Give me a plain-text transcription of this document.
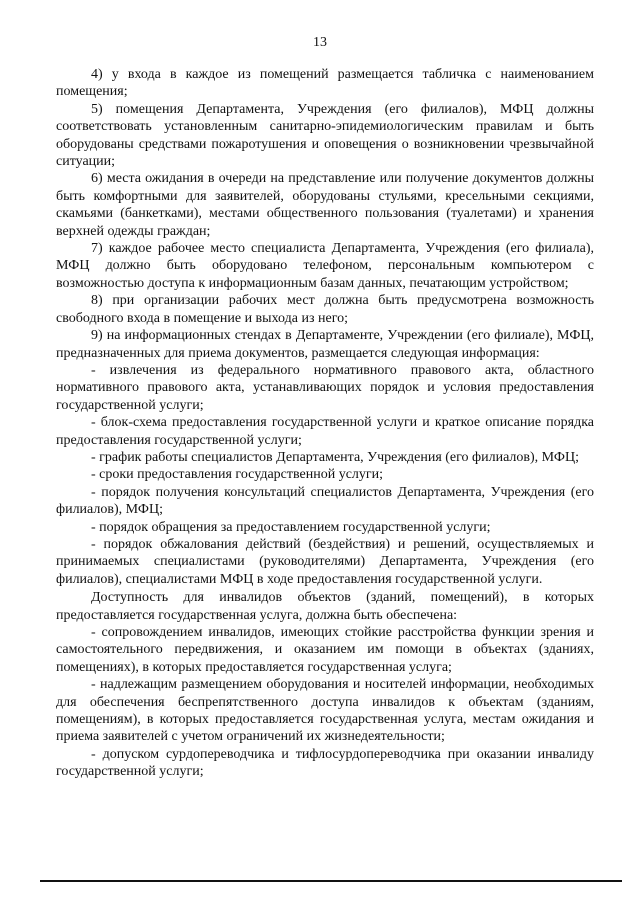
13

4) у входа в каждое из помещений размещается табличка с наименованием помещения;

5) помещения Департамента, Учреждения (его филиалов), МФЦ должны соответствовать установленным санитарно-эпидемиологическим правилам и быть оборудованы средствами пожаротушения и оповещения о возникновении чрезвычайной ситуации;

6) места ожидания в очереди на представление или получение документов должны быть комфортными для заявителей, оборудованы стульями, кресельными секциями, скамьями (банкетками), местами общественного пользования (туалетами) и хранения верхней одежды граждан;

7) каждое рабочее место специалиста Департамента, Учреждения (его филиала), МФЦ должно быть оборудовано телефоном, персональным компьютером с возможностью доступа к информационным базам данных, печатающим устройством;

8) при организации рабочих мест должна быть предусмотрена возможность свободного входа в помещение и выхода из него;

9) на информационных стендах в Департаменте, Учреждении (его филиале), МФЦ, предназначенных для приема документов, размещается следующая информация:

- извлечения из федерального нормативного правового акта, областного нормативного правового акта, устанавливающих порядок и условия предоставления государственной услуги;

- блок-схема предоставления государственной услуги и краткое описание порядка предоставления государственной услуги;

- график работы специалистов Департамента, Учреждения (его филиалов), МФЦ;

- сроки предоставления государственной услуги;

- порядок получения консультаций специалистов Департамента, Учреждения (его филиалов), МФЦ;

- порядок обращения за предоставлением государственной услуги;

- порядок обжалования действий (бездействия) и решений, осуществляемых и принимаемых специалистами (руководителями) Департамента, Учреждения (его филиалов), специалистами МФЦ в ходе предоставления государственной услуги.

Доступность для инвалидов объектов (зданий, помещений), в которых предоставляется государственная услуга, должна быть обеспечена:

- сопровождением инвалидов, имеющих стойкие расстройства функции зрения и самостоятельного передвижения, и оказанием им помощи в объектах (зданиях, помещениях), в которых предоставляется государственная услуга;

- надлежащим размещением оборудования и носителей информации, необходимых для обеспечения беспрепятственного доступа инвалидов к объектам (зданиям, помещениям), в которых предоставляется государственная услуга, местам ожидания и приема заявителей с учетом ограничений их жизнедеятельности;

- допуском сурдопереводчика и тифлосурдопереводчика при оказании инвалиду государственной услуги;
